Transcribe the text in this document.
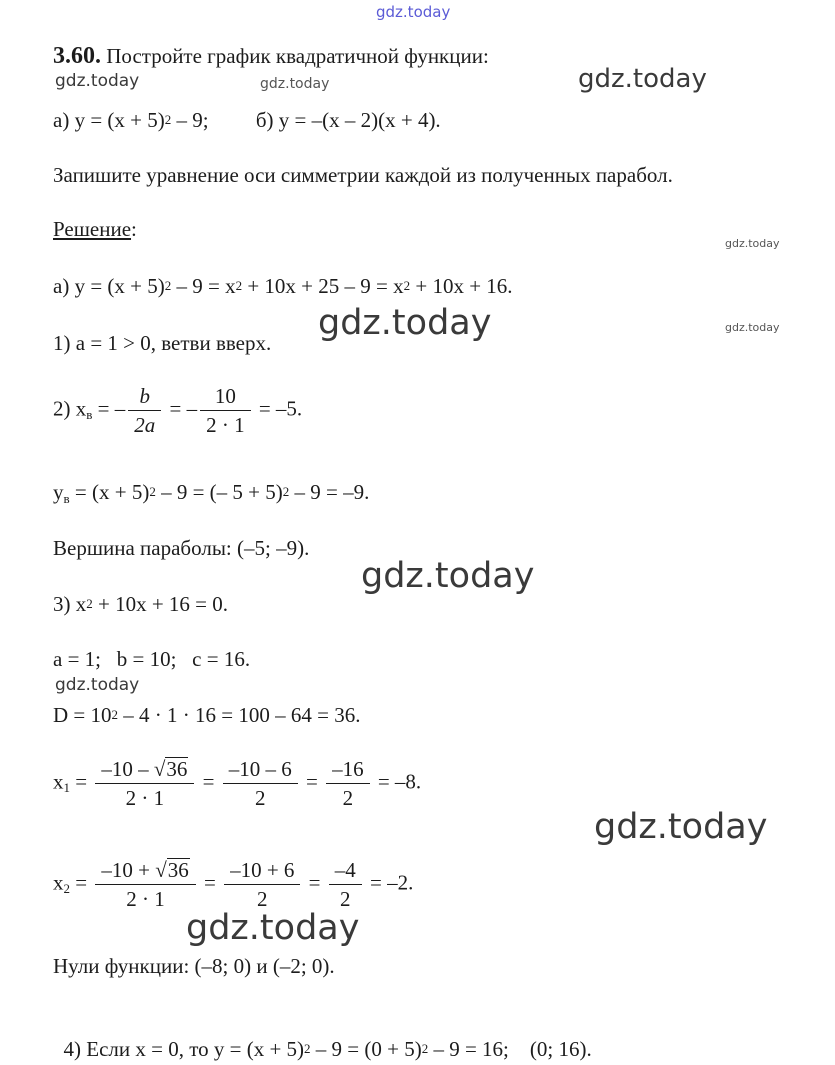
gdz.today
gdz.today	gdz.today	gdz.today
gdz.today
gdz.today
gdz.today
gdz.today
gdz.today
gdz.today
gdz.today
3.60. Постройте график квадратичной функции:
а) $y = (x + 5)^2 - 9$; б) y = –(x – 2)(x + 4).
Запишите уравнение оси симметрии каждой из полученных парабол.
Решение:
а) $y = (x + 5)^2 - 9 = x^2 + 10x + 25 - 9 = x^2 + 10x + 16$.
1) a = 1 > 0, ветви вверх.
2) $x_в$ = – $\frac{b}{2a}$ = – $\frac{10}{2 \cdot 1} = -5$.
$y_в = (x + 5)^2 - 9$ = (– 5 + 5)$^2$ – 9 = –9.
Вершина параболы: (–5; –9).
3) $x^2 + 10x + 16 = 0$.
a = 1;   b = 10;   c = 16.
$D = 10^2 - 4 \cdot 1 \cdot 16 = 100 - 64 = 36$.
$x_1 = \frac{-10 - √36}{2 \cdot 1} = \frac{-10 - 6}{2} = \frac{-16}{2} = -8$.
$x_2 = \frac{-10 + √36}{2 \cdot 1} = \frac{-10 + 6}{2} = \frac{-4}{2} = -2$.
Нули функции: (–8; 0) и (–2; 0).

4) Если x = 0, то $y = (x + 5)^2 - 9 = (0 + 5)^2 - 9 = 16$;    (0; 16).
